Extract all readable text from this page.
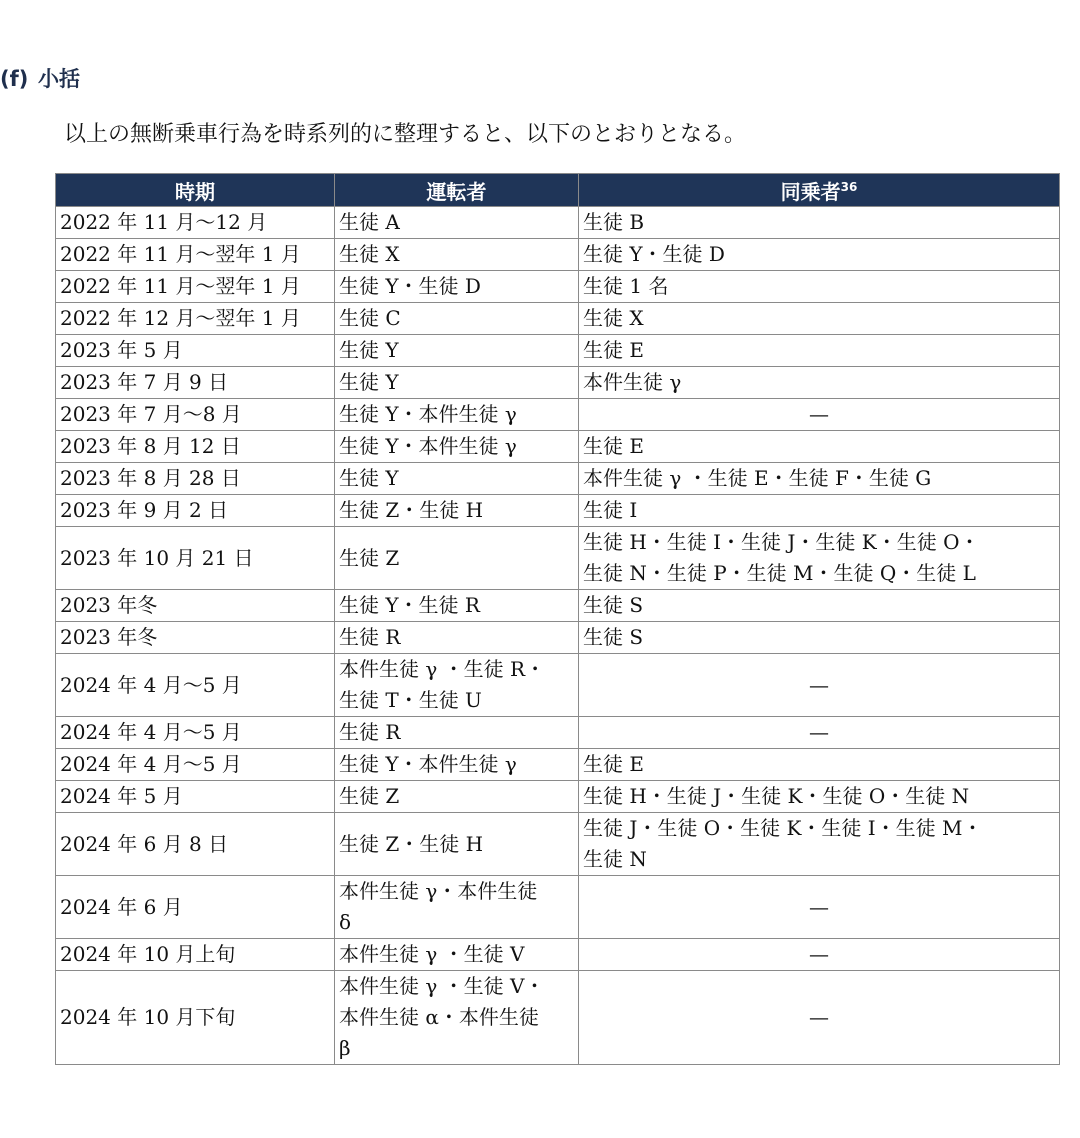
(f) 小括
以上の無断乗車行為を時系列的に整理すると、以下のとおりとなる。
時期	運転者	同乗者$^{36}$
2022 年 11 月～12 月	生徒 A	生徒 B

2022 年 11 月～翌年 1 月	生徒 X	生徒 Y・生徒 D

2022 年 11 月～翌年 1 月	生徒 Y・生徒 D	生徒 1 名

2022 年 12 月～翌年 1 月	生徒 C	生徒 X

2023 年 5 月	生徒 Y	生徒 E

2023 年 7 月 9 日	生徒 Y	本件生徒 γ

2023 年 7 月～8 月	生徒 Y・本件生徒 γ	—

2023 年 8 月 12 日	生徒 Y・本件生徒 γ	生徒 E

2023 年 8 月 28 日	生徒 Y	本件生徒 γ ・生徒 E・生徒 F・生徒 G

2023 年 9 月 2 日	生徒 Z・生徒 H	生徒 I

2023 年 10 月 21 日	生徒 Z	生徒 H・生徒 I・生徒 J・生徒 K・生徒 O・
生徒 N・生徒 P・生徒 M・生徒 Q・生徒 L

2023 年冬	生徒 Y・生徒 R	生徒 S

2023 年冬	生徒 R	生徒 S

2024 年 4 月～5 月	本件生徒 γ ・生徒 R・
生徒 T・生徒 U	—

2024 年 4 月～5 月	生徒 R	—

2024 年 4 月～5 月	生徒 Y・本件生徒 γ	生徒 E

2024 年 5 月	生徒 Z	生徒 H・生徒 J・生徒 K・生徒 O・生徒 N

2024 年 6 月 8 日	生徒 Z・生徒 H	生徒 J・生徒 O・生徒 K・生徒 I・生徒 M・
生徒 N

2024 年 6 月	本件生徒 γ・本件生徒
δ	—

2024 年 10 月上旬	本件生徒 γ ・生徒 V	—

2024 年 10 月下旬	本件生徒 γ ・生徒 V・
本件生徒 α・本件生徒
β	—
